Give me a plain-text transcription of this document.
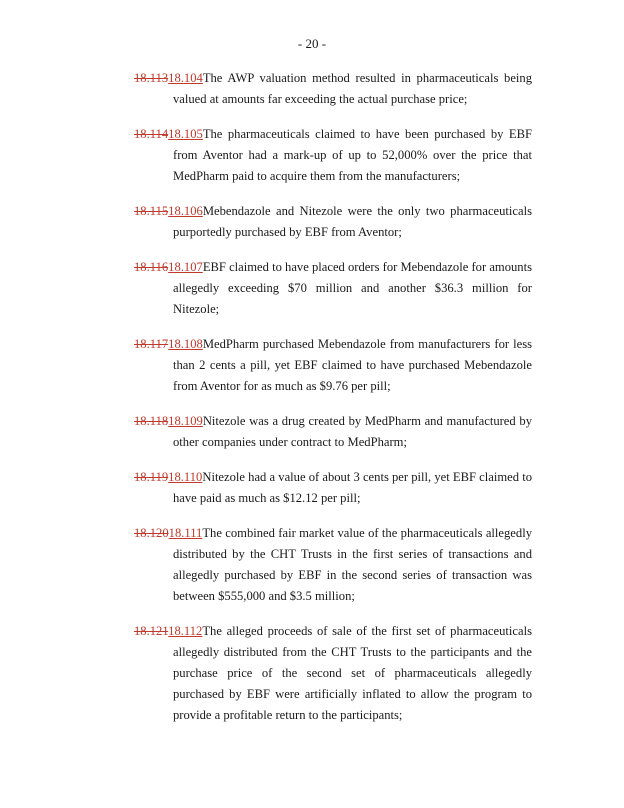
- 20 -

18.11318.104The AWP valuation method resulted in pharmaceuticals being valued at amounts far exceeding the actual purchase price;

18.11418.105The pharmaceuticals claimed to have been purchased by EBF from Aventor had a mark-up of up to 52,000% over the price that MedPharm paid to acquire them from the manufacturers;

18.11518.106Mebendazole and Nitezole were the only two pharmaceuticals purportedly purchased by EBF from Aventor;

18.11618.107EBF claimed to have placed orders for Mebendazole for amounts allegedly exceeding $70 million and another $36.3 million for Nitezole;

18.11718.108MedPharm purchased Mebendazole from manufacturers for less than 2 cents a pill, yet EBF claimed to have purchased Mebendazole from Aventor for as much as $9.76 per pill;

18.11818.109Nitezole was a drug created by MedPharm and manufactured by other companies under contract to MedPharm;

18.11918.110Nitezole had a value of about 3 cents per pill, yet EBF claimed to have paid as much as $12.12 per pill;

18.12018.111The combined fair market value of the pharmaceuticals allegedly distributed by the CHT Trusts in the first series of transactions and allegedly purchased by EBF in the second series of transaction was between $555,000 and $3.5 million;

18.12118.112The alleged proceeds of sale of the first set of pharmaceuticals allegedly distributed from the CHT Trusts to the participants and the purchase price of the second set of pharmaceuticals allegedly purchased by EBF were artificially inflated to allow the program to provide a profitable return to the participants;
